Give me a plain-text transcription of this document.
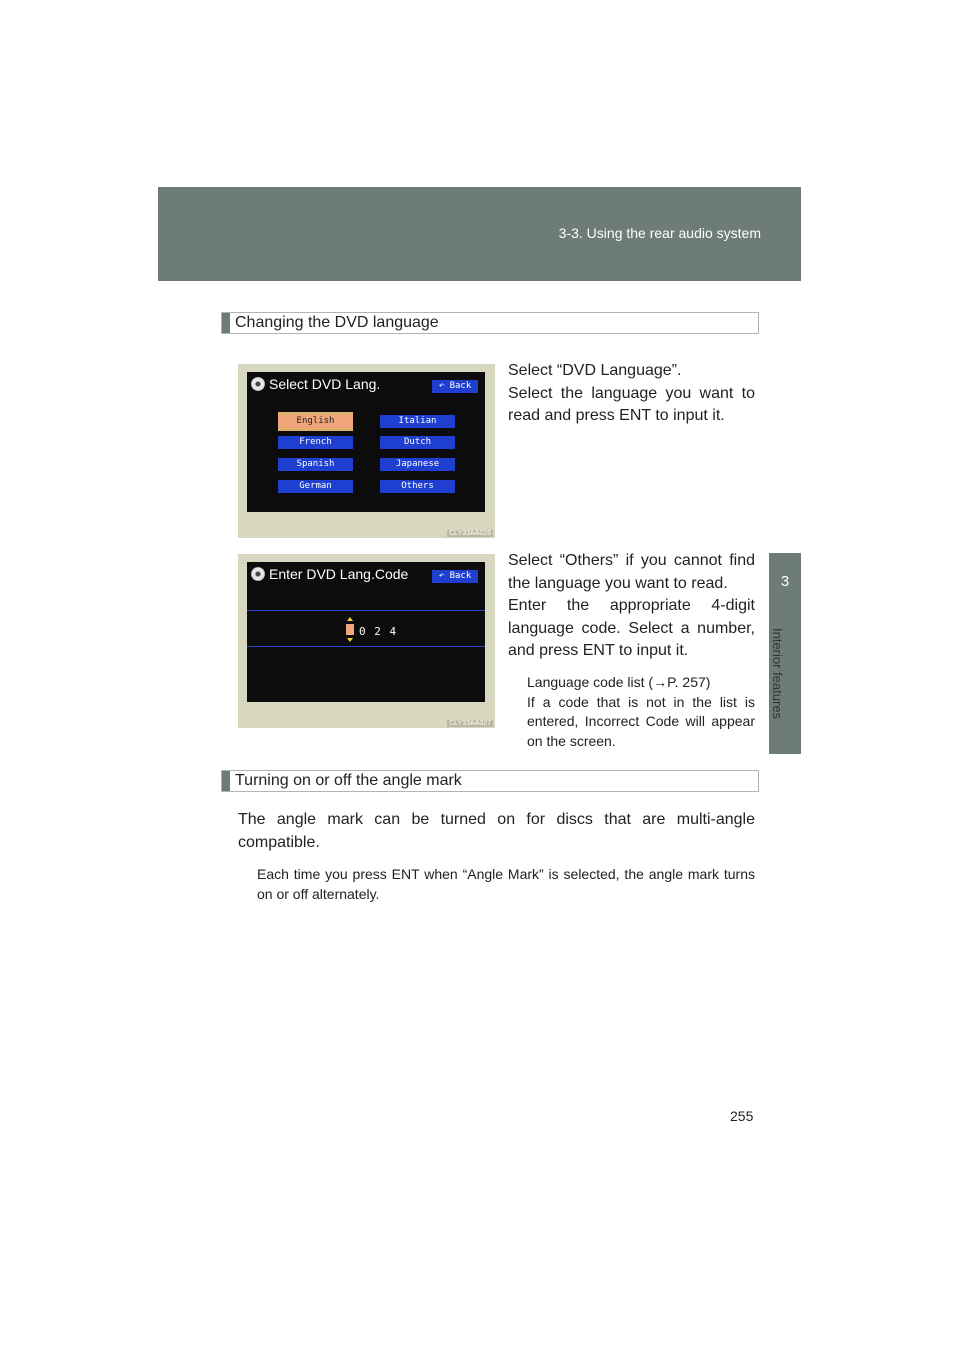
3-3. Using the rear audio system
3
Interior features
Changing the DVD language
Select DVD Lang.	↶ Back
English	Italian
French	Dutch
Spanish	Japanese
German	Others
CLY33AA026

Select “DVD Language”.

Select the language you want to read and press ENT to input it.

Enter DVD Lang.Code	↶ Back
0 2 4
CLY33AA027

Select “Others” if you cannot find the language you want to read.

Enter the appropriate 4-digit language code. Select a number, and press ENT to input it.

Language code list (→P. 257)

If a code that is not in the list is entered, Incorrect Code will appear on the screen.

Turning on or off the angle mark
The angle mark can be turned on for discs that are multi-angle compatible.
Each time you press ENT when “Angle Mark” is selected, the angle mark turns on or off alternately.
255
